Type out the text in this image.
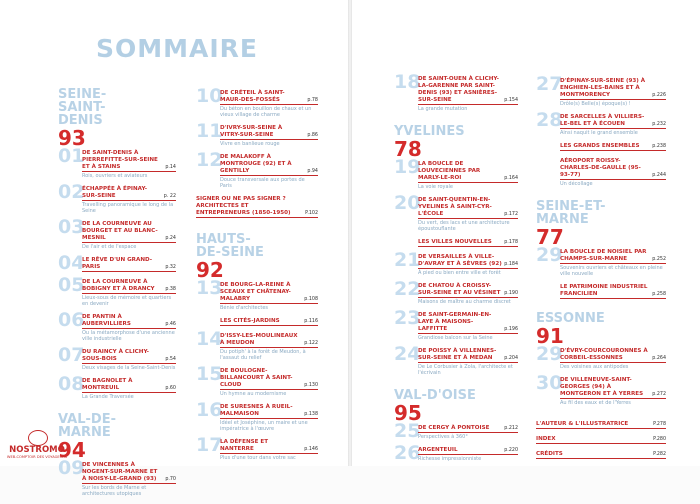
SOMMAIRE
SEINE-SAINT-DENIS
93
01
DE SAINT-DENIS À PIERREFITTE-SUR-SEINE ET À STAINS	p.14
Rois, ouvriers et aviateurs
02
ÉCHAPPÉE À ÉPINAY-SUR-SEINE	p. 22
Travelling panoramique le long de la Seine
03
DE LA COURNEUVE AU BOURGET ET AU BLANC-MESNIL	p.24
De l'air et de l'espace
04
LE RÊVE D'UN GRAND-PARIS	p.32
05
DE LA COURNEUVE À BOBIGNY ET À DRANCY p.38
Lieux-sous de mémoire et quartiers en devenir
06
DE PANTIN À AUBERVILLIERS	p.46
Ou la métamorphose d'une ancienne ville industrielle
07
DU RAINCY À CLICHY-SOUS-BOIS	p.54
Deux visages de la Seine-Saint-Denis
08
DE BAGNOLET À MONTREUIL	p.60
La Grande Traversée
VAL-DE-MARNE
94
09
DE VINCENNES À NOGENT-SUR-MARNE ET À NOISY-LE-GRAND (93) p.70
Sur les bords de Marne et architectures utopiques
10
DE CRÉTEIL À SAINT-MAUR-DES-FOSSÉS	p.78
Du béton en bouillon de chaux et un vieux village de charme
11
D'IVRY-SUR-SEINE À VITRY-SUR-SEINE	p.86
Vivre en banlieue rouge
12
DE MALAKOFF À MONTROUGE (92) ET À GENTILLY	p.94
Douce transversale aux portes de Paris
SIGNER OU NE PAS SIGNER ? ARCHITECTES ET ENTREPRENEURS (1850-1950)	P.102
HAUTS-DE-SEINE
92
13
DE BOURG-LA-REINE À SCEAUX ET CHÂTENAY-MALABRY	p.108
Bénie d'architectes
LES CITÉS-JARDINS	p.116
14
D'ISSY-LES-MOULINEAUX À MEUDON	p.122
Du potiph' à la forêt de Meudon, à l'assaut du relief
15
DE BOULOGNE-BILLANCOURT À SAINT-CLOUD	p.130
Un hymne au modernisme
16
DE SURESNES À RUEIL-MALMAISON	p.138
Idéel et Joséphine, un maire et une impératrice à l'œuvre
17
LA DÉFENSE ET NANTERRE	p.146
Plus d'une tour dans votre sac
18
DE SAINT-OUEN À CLICHY-LA-GARENNE PAR SAINT-DENIS (93) ET ASNIÈRES-SUR-SEINE	p.154
La grande mutation
YVELINES
78
19
LA BOUCLE DE LOUVECIENNES PAR MARLY-LE-ROI	p.164
La voie royale
20
DE SAINT-QUENTIN-EN-YVELINES À SAINT-CYR-L'ÉCOLE	p.172
Du vert, des lacs et une architecture époustouflante
LES VILLES NOUVELLES	p.178
21
DE VERSAILLES À VILLE-D'AVRAY ET À SÈVRES (92) p.184
À pied ou bien entre ville et forêt
22
DE CHATOU À CROISSY-SUR-SEINE ET AU VÉSINET p.190
Maisons de maître au charme discret
23
DE SAINT-GERMAIN-EN-LAYE À MAISONS-LAFFITTE	p.196
Grandiose balcon sur la Seine
24
DE POISSY À VILLENNES-SUR-SEINE ET À MEDAN p.204
De Le Corbusier à Zola, l'architecte et l'écrivain
VAL-D'OISE
95
25
DE CERGY À PONTOISE	p.212
Perspectives à 360°
26
ARGENTEUIL	p.220
Richesse impressionniste
27
D'ÉPINAY-SUR-SEINE (93) À ENGHIEN-LES-BAINS ET À MONTMORENCY	p.226
Drôle(s) Belle(s) époque(s) !
28
DE SARCELLES À VILLIERS-LE-BEL ET À ÉCOUEN	p.232
Ainsi naquit le grand ensemble
LES GRANDS ENSEMBLES	p.238
AÉROPORT ROISSY-CHARLES-DE-GAULLE (95-93-77)	p.244
Un décollage
SEINE-ET-MARNE
77
29
LA BOUCLE DE NOISIEL PAR CHAMPS-SUR-MARNE	p.252
Souvenirs ouvriers et châteaux en pleine ville nouvelle
LE PATRIMOINE INDUSTRIEL FRANCILIEN	p.258
ESSONNE
91
29
D'ÉVRY-COURCOURONNES À CORBEIL-ESSONNES	p.264
Des voisines aux antipodes
30
DE VILLENEUVE-SAINT-GEORGES (94) À MONTGERON ET À YERRES p.272
Au fil des eaux et de l'Yerres
L'AUTEUR & L'ILLUSTRATRICE	P.278
INDEX	P.280
CRÉDITS	P.282
NOSTROMO
WEB-COMPTOIR DES VOYAGEURS
